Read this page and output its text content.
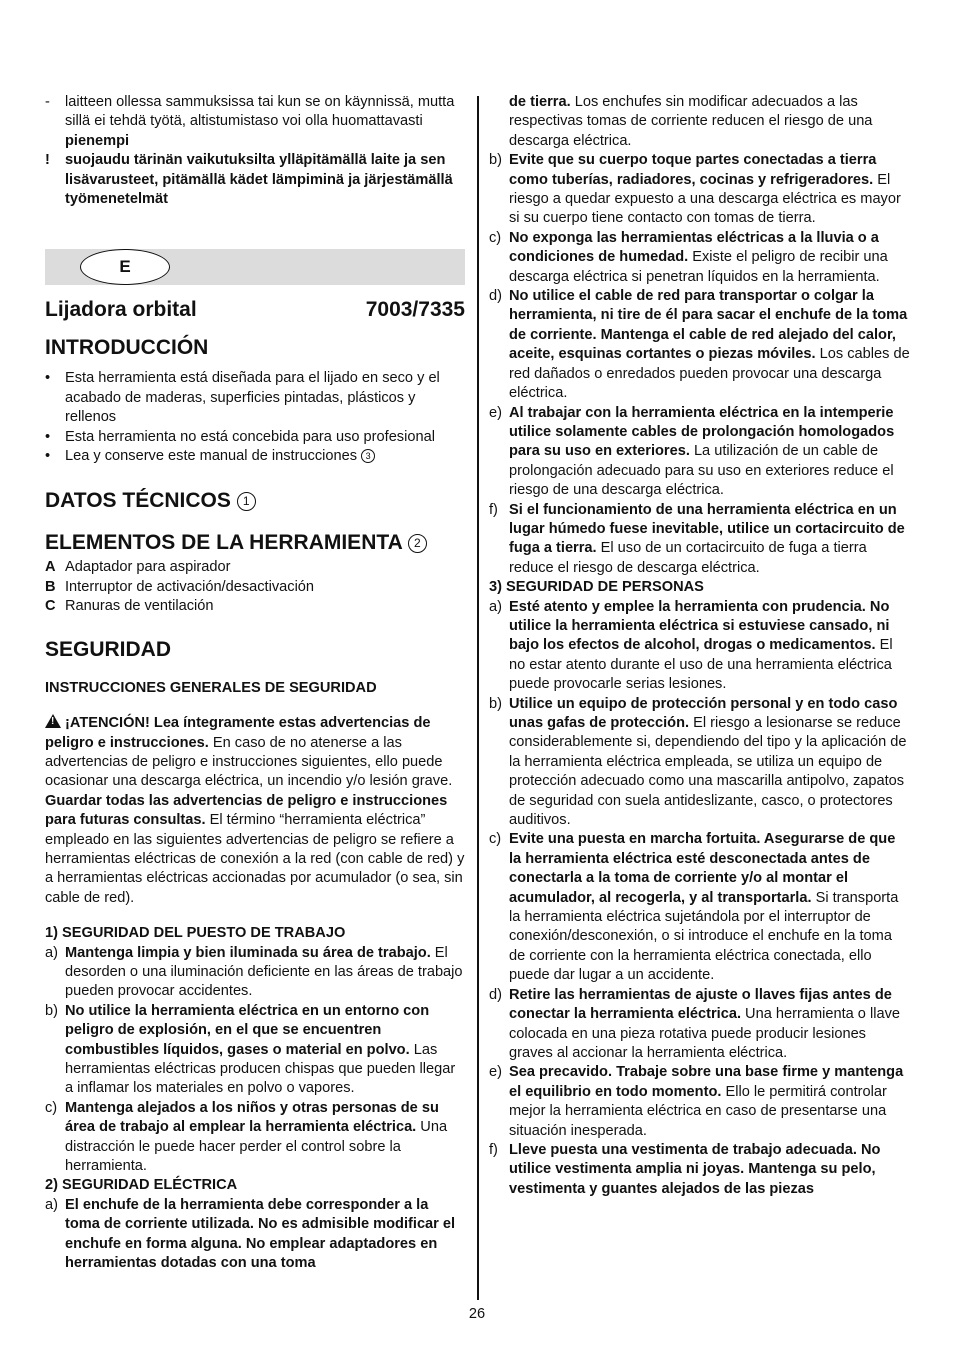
- laitteen ollessa sammuksissa tai kun se on käynnissä, mutta sillä ei tehdä työtä, altistumistaso voi olla huomattavasti pienempi
! suojaudu tärinän vaikutuksilta ylläpitämällä laite ja sen lisävarusteet, pitämällä kädet lämpiminä ja järjestämällä työmenetelmät
E
Lijadora orbital	7003/7335
INTRODUCCIÓN
• Esta herramienta está diseñada para el lijado en seco y el acabado de maderas, superficies pintadas, plásticos y rellenos
• Esta herramienta no está concebida para uso profesional
• Lea y conserve este manual de instrucciones 3
DATOS TÉCNICOS 1
ELEMENTOS DE LA HERRAMIENTA 2
A Adaptador para aspirador
B Interruptor de activación/desactivación
C Ranuras de ventilación
SEGURIDAD
INSTRUCCIONES GENERALES DE SEGURIDAD

!¡ATENCIÓN! Lea íntegramente estas advertencias de peligro e instrucciones. En caso de no atenerse a las advertencias de peligro e instrucciones siguientes, ello puede ocasionar una descarga eléctrica, un incendio y/o lesión grave. Guardar todas las advertencias de peligro e instrucciones para futuras consultas. El término “herramienta eléctrica” empleado en las siguientes advertencias de peligro se refiere a herramientas eléctricas de conexión a la red (con cable de red) y a herramientas eléctricas accionadas por acumulador (o sea, sin cable de red).

1) SEGURIDAD DEL PUESTO DE TRABAJO
a) Mantenga limpia y bien iluminada su área de trabajo. El desorden o una iluminación deficiente en las áreas de trabajo pueden provocar accidentes.
b) No utilice la herramienta eléctrica en un entorno con peligro de explosión, en el que se encuentren combustibles líquidos, gases o material en polvo. Las herramientas eléctricas producen chispas que pueden llegar a inflamar los materiales en polvo o vapores.
c) Mantenga alejados a los niños y otras personas de su área de trabajo al emplear la herramienta eléctrica. Una distracción le puede hacer perder el control sobre la herramienta.
2) SEGURIDAD ELÉCTRICA
a) El enchufe de la herramienta debe corresponder a la toma de corriente utilizada. No es admisible modificar el enchufe en forma alguna. No emplear adaptadores en herramientas dotadas con una toma
de tierra. Los enchufes sin modificar adecuados a las respectivas tomas de corriente reducen el riesgo de una descarga eléctrica.
b) Evite que su cuerpo toque partes conectadas a tierra como tuberías, radiadores, cocinas y refrigeradores. El riesgo a quedar expuesto a una descarga eléctrica es mayor si su cuerpo tiene contacto con tomas de tierra.
c) No exponga las herramientas eléctricas a la lluvia o a condiciones de humedad. Existe el peligro de recibir una descarga eléctrica si penetran líquidos en la herramienta.
d) No utilice el cable de red para transportar o colgar la herramienta, ni tire de él para sacar el enchufe de la toma de corriente. Mantenga el cable de red alejado del calor, aceite, esquinas cortantes o piezas móviles. Los cables de red dañados o enredados pueden provocar una descarga eléctrica.
e) Al trabajar con la herramienta eléctrica en la intemperie utilice solamente cables de prolongación homologados para su uso en exteriores. La utilización de un cable de prolongación adecuado para su uso en exteriores reduce el riesgo de una descarga eléctrica.
f) Si el funcionamiento de una herramienta eléctrica en un lugar húmedo fuese inevitable, utilice un cortacircuito de fuga a tierra. El uso de un cortacircuito de fuga a tierra reduce el riesgo de descarga eléctrica.
3) SEGURIDAD DE PERSONAS
a) Esté atento y emplee la herramienta con prudencia. No utilice la herramienta eléctrica si estuviese cansado, ni bajo los efectos de alcohol, drogas o medicamentos. El no estar atento durante el uso de una herramienta eléctrica puede provocarle serias lesiones.
b) Utilice un equipo de protección personal y en todo caso unas gafas de protección. El riesgo a lesionarse se reduce considerablemente si, dependiendo del tipo y la aplicación de la herramienta eléctrica empleada, se utiliza un equipo de protección adecuado como una mascarilla antipolvo, zapatos de seguridad con suela antideslizante, casco, o protectores auditivos.
c) Evite una puesta en marcha fortuita. Asegurarse de que la herramienta eléctrica esté desconectada antes de conectarla a la toma de corriente y/o al montar el acumulador, al recogerla, y al transportarla. Si transporta la herramienta eléctrica sujetándola por el interruptor de conexión/desconexión, o si introduce el enchufe en la toma de corriente con la herramienta eléctrica conectada, ello puede dar lugar a un accidente.
d) Retire las herramientas de ajuste o llaves fijas antes de conectar la herramienta eléctrica. Una herramienta o llave colocada en una pieza rotativa puede producir lesiones graves al accionar la herramienta eléctrica.
e) Sea precavido. Trabaje sobre una base firme y mantenga el equilibrio en todo momento. Ello le permitirá controlar mejor la herramienta eléctrica en caso de presentarse una situación inesperada.
f) Lleve puesta una vestimenta de trabajo adecuada. No utilice vestimenta amplia ni joyas. Mantenga su pelo, vestimenta y guantes alejados de las piezas
26
